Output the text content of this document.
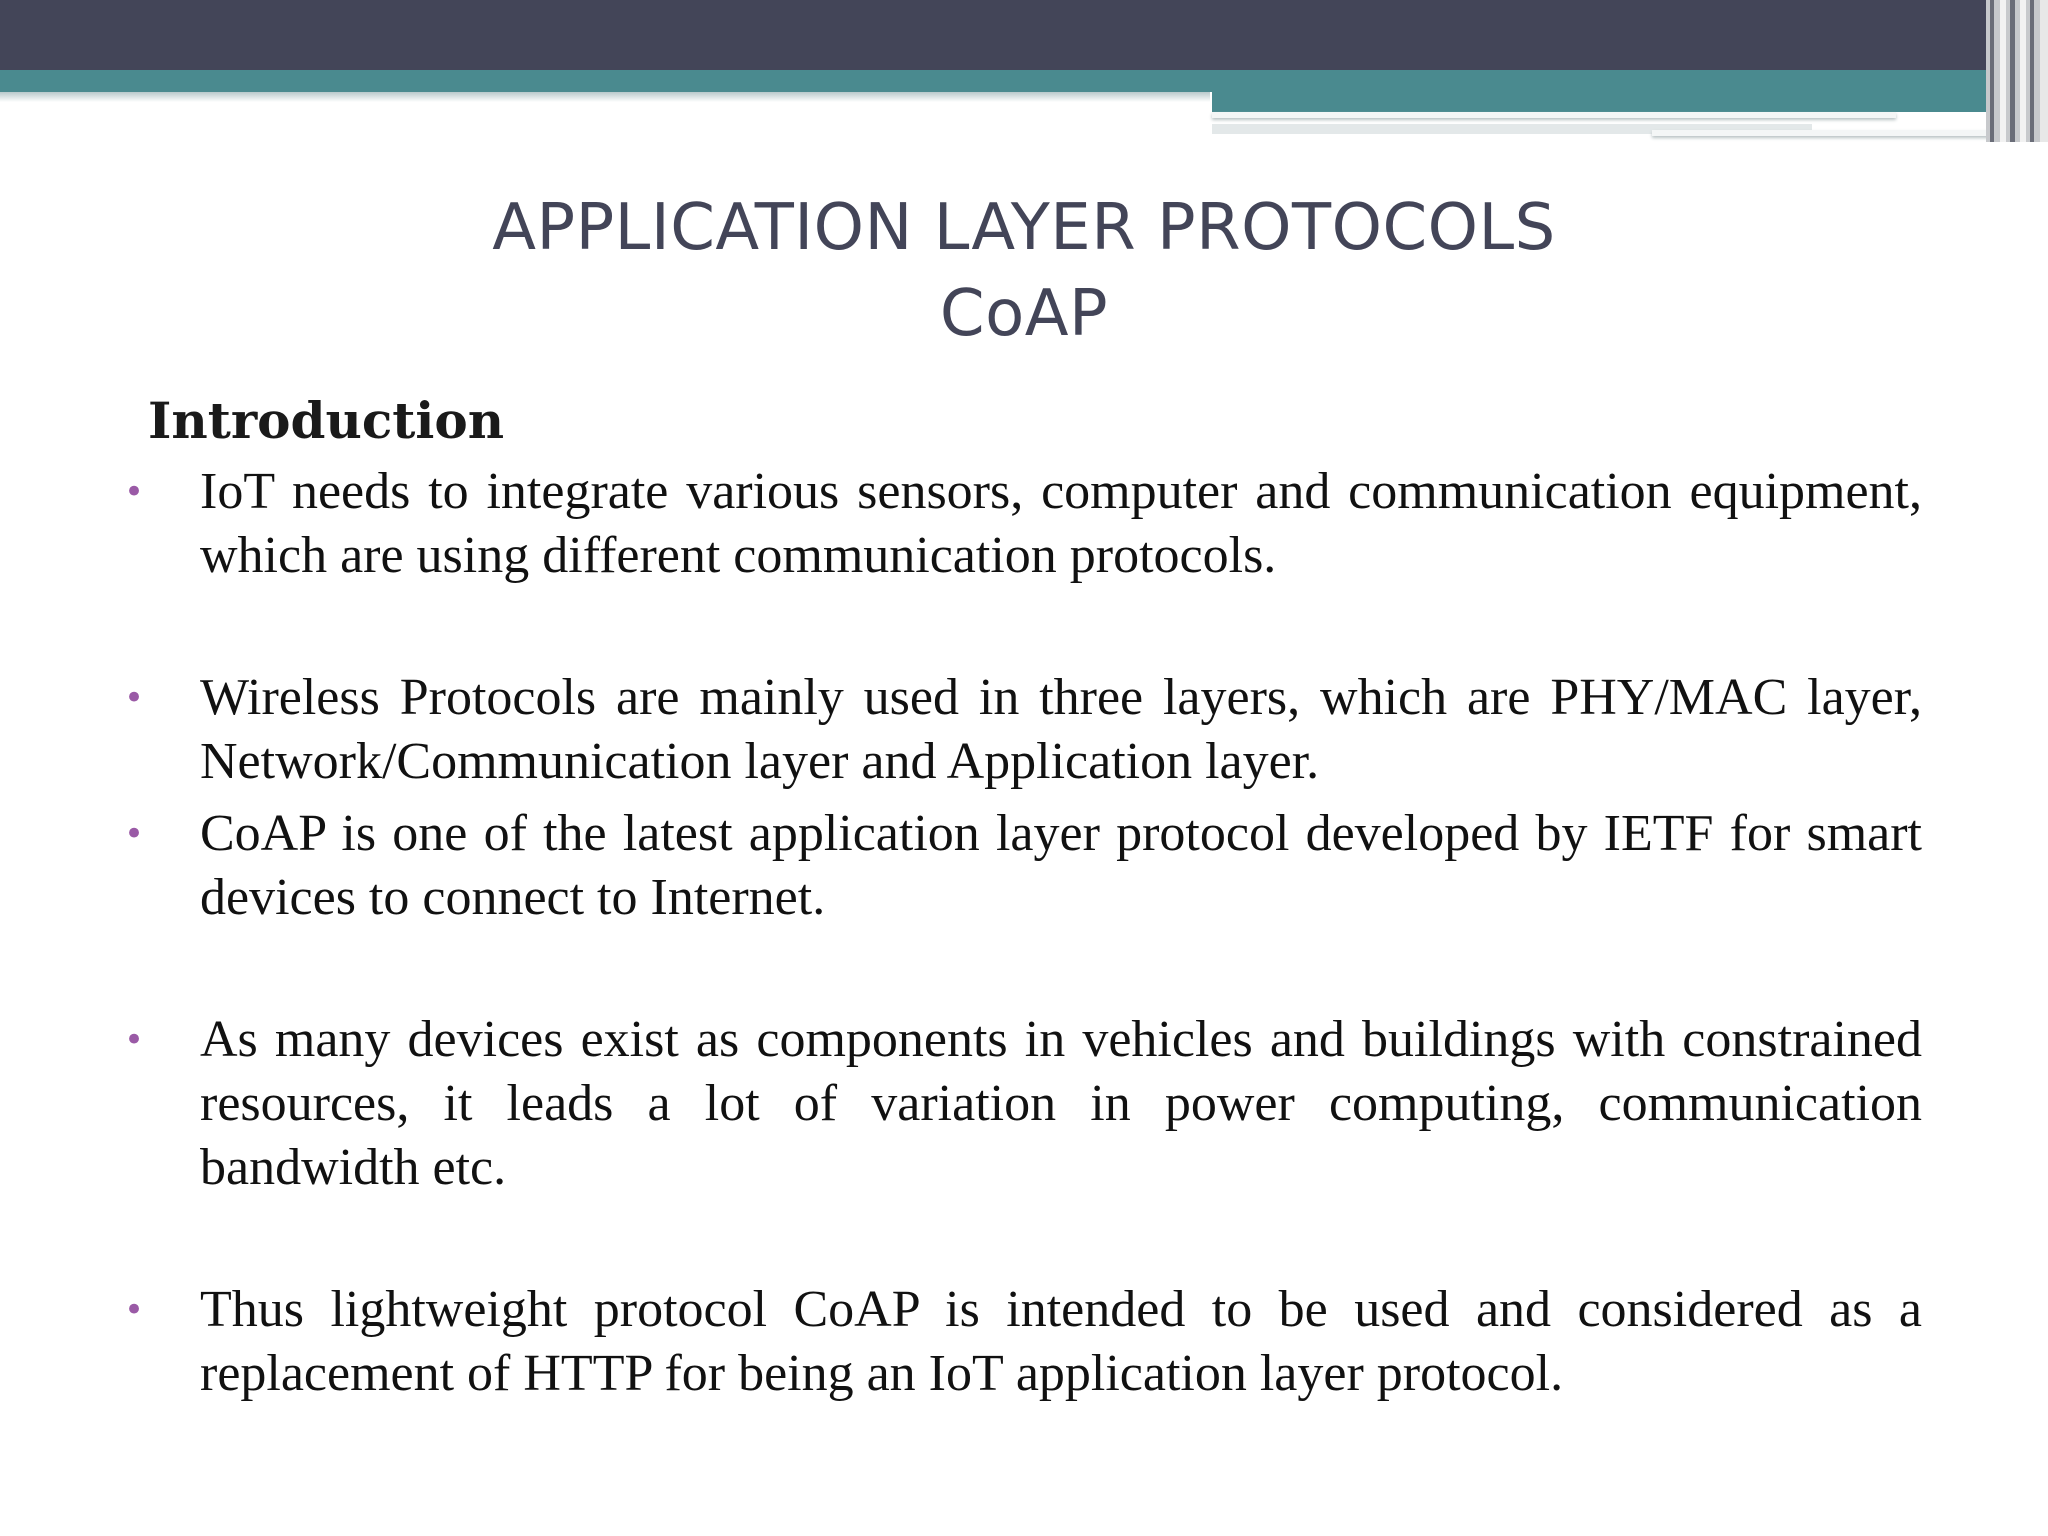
APPLICATION LAYER PROTOCOLS
CoAP
Introduction
• IoT needs to integrate various sensors, computer and communication equipment, which are using different communication protocols.
• Wireless Protocols are mainly used in three layers, which are PHY/MAC layer, Network/Communication layer and Application layer.
• CoAP is one of the latest application layer protocol developed by IETF for smart devices to connect to Internet.
• As many devices exist as components in vehicles and buildings with constrained resources, it leads a lot of variation in power computing, communication bandwidth etc.
• Thus lightweight protocol CoAP is intended to be used and considered as a replacement of HTTP for being an IoT application layer protocol.
